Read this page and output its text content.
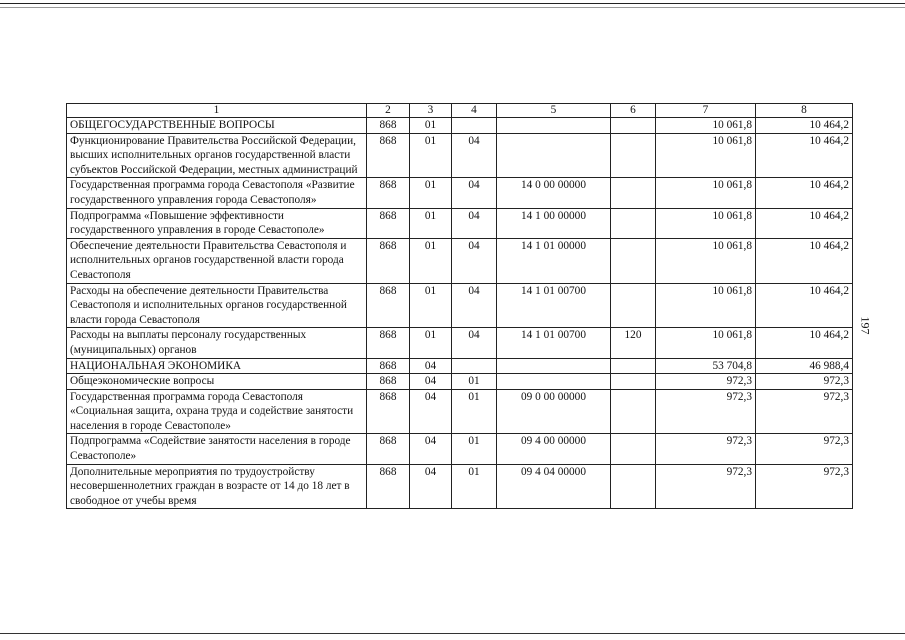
197
1	2	3	4	5	6	7	8
ОБЩЕГОСУДАРСТВЕННЫЕ ВОПРОСЫ	868	01				10 061,8	10 464,2
Функционирование Правительства Российской Федерации, высших исполнительных органов государственной власти субъектов Российской Федерации, местных администраций	868	01	04			10 061,8	10 464,2
Государственная программа города Севастополя «Развитие государственного управления города Севастополя»	868	01	04	14 0 00 00000		10 061,8	10 464,2
Подпрограмма «Повышение эффективности государственного управления в городе Севастополе»	868	01	04	14 1 00 00000		10 061,8	10 464,2
Обеспечение деятельности Правительства Севастополя и исполнительных органов государственной власти города Севастополя	868	01	04	14 1 01 00000		10 061,8	10 464,2
Расходы на обеспечение деятельности Правительства Севастополя и исполнительных органов государственной власти города Севастополя	868	01	04	14 1 01 00700		10 061,8	10 464,2
Расходы на выплаты персоналу государственных (муниципальных) органов	868	01	04	14 1 01 00700	120	10 061,8	10 464,2
НАЦИОНАЛЬНАЯ ЭКОНОМИКА	868	04				53 704,8	46 988,4
Общеэкономические вопросы	868	04	01			972,3	972,3
Государственная программа города Севастополя «Социальная защита, охрана труда и содействие занятости населения в городе Севастополе»	868	04	01	09 0 00 00000		972,3	972,3
Подпрограмма «Содействие занятости населения в городе Севастополе»	868	04	01	09 4 00 00000		972,3	972,3
Дополнительные мероприятия по трудоустройству несовершеннолетних граждан в возрасте от 14 до 18 лет в свободное от учебы время	868	04	01	09 4 04 00000		972,3	972,3
